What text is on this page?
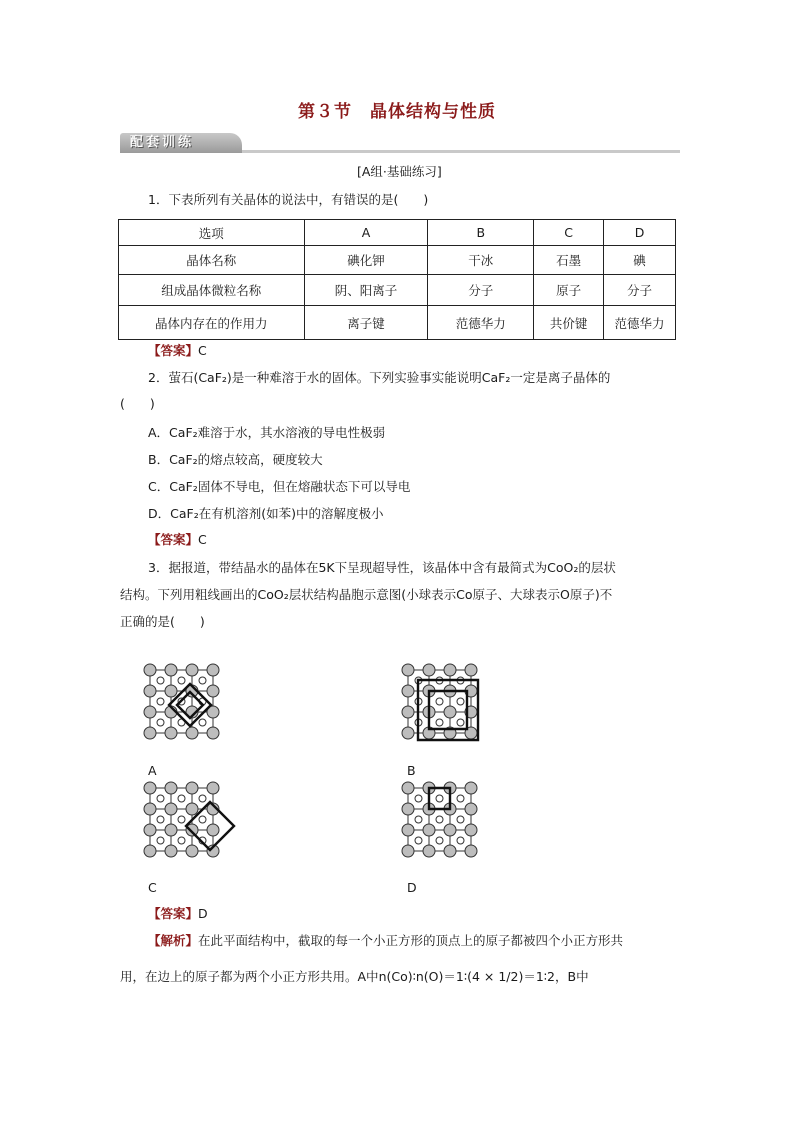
第３节　晶体结构与性质
配套训练
[A组·基础练习]
1．下表所列有关晶体的说法中，有错误的是(　　)
选项	A	B	C	D
晶体名称	碘化钾	干冰	石墨	碘
组成晶体微粒名称	阴、阳离子	分子	原子	分子
晶体内存在的作用力	离子键	范德华力	共价键	范德华力
【答案】C
2．萤石(CaF₂)是一种难溶于水的固体。下列实验事实能说明CaF₂一定是离子晶体的
(　　)
A．CaF₂难溶于水，其水溶液的导电性极弱
B．CaF₂的熔点较高，硬度较大
C．CaF₂固体不导电，但在熔融状态下可以导电
D．CaF₂在有机溶剂(如苯)中的溶解度极小
【答案】C
3．据报道，带结晶水的晶体在5K下呈现超导性，该晶体中含有最简式为CoO₂的层状
结构。下列用粗线画出的CoO₂层状结构晶胞示意图(小球表示Co原子、大球表示O原子)不
正确的是(　　)
A	B
C	D
【答案】D
【解析】在此平面结构中，截取的每一个小正方形的顶点上的原子都被四个小正方形共
用，在边上的原子都为两个小正方形共用。A中n(Co)∶n(O)＝1∶(4 × 1/2)＝1∶2，B中
